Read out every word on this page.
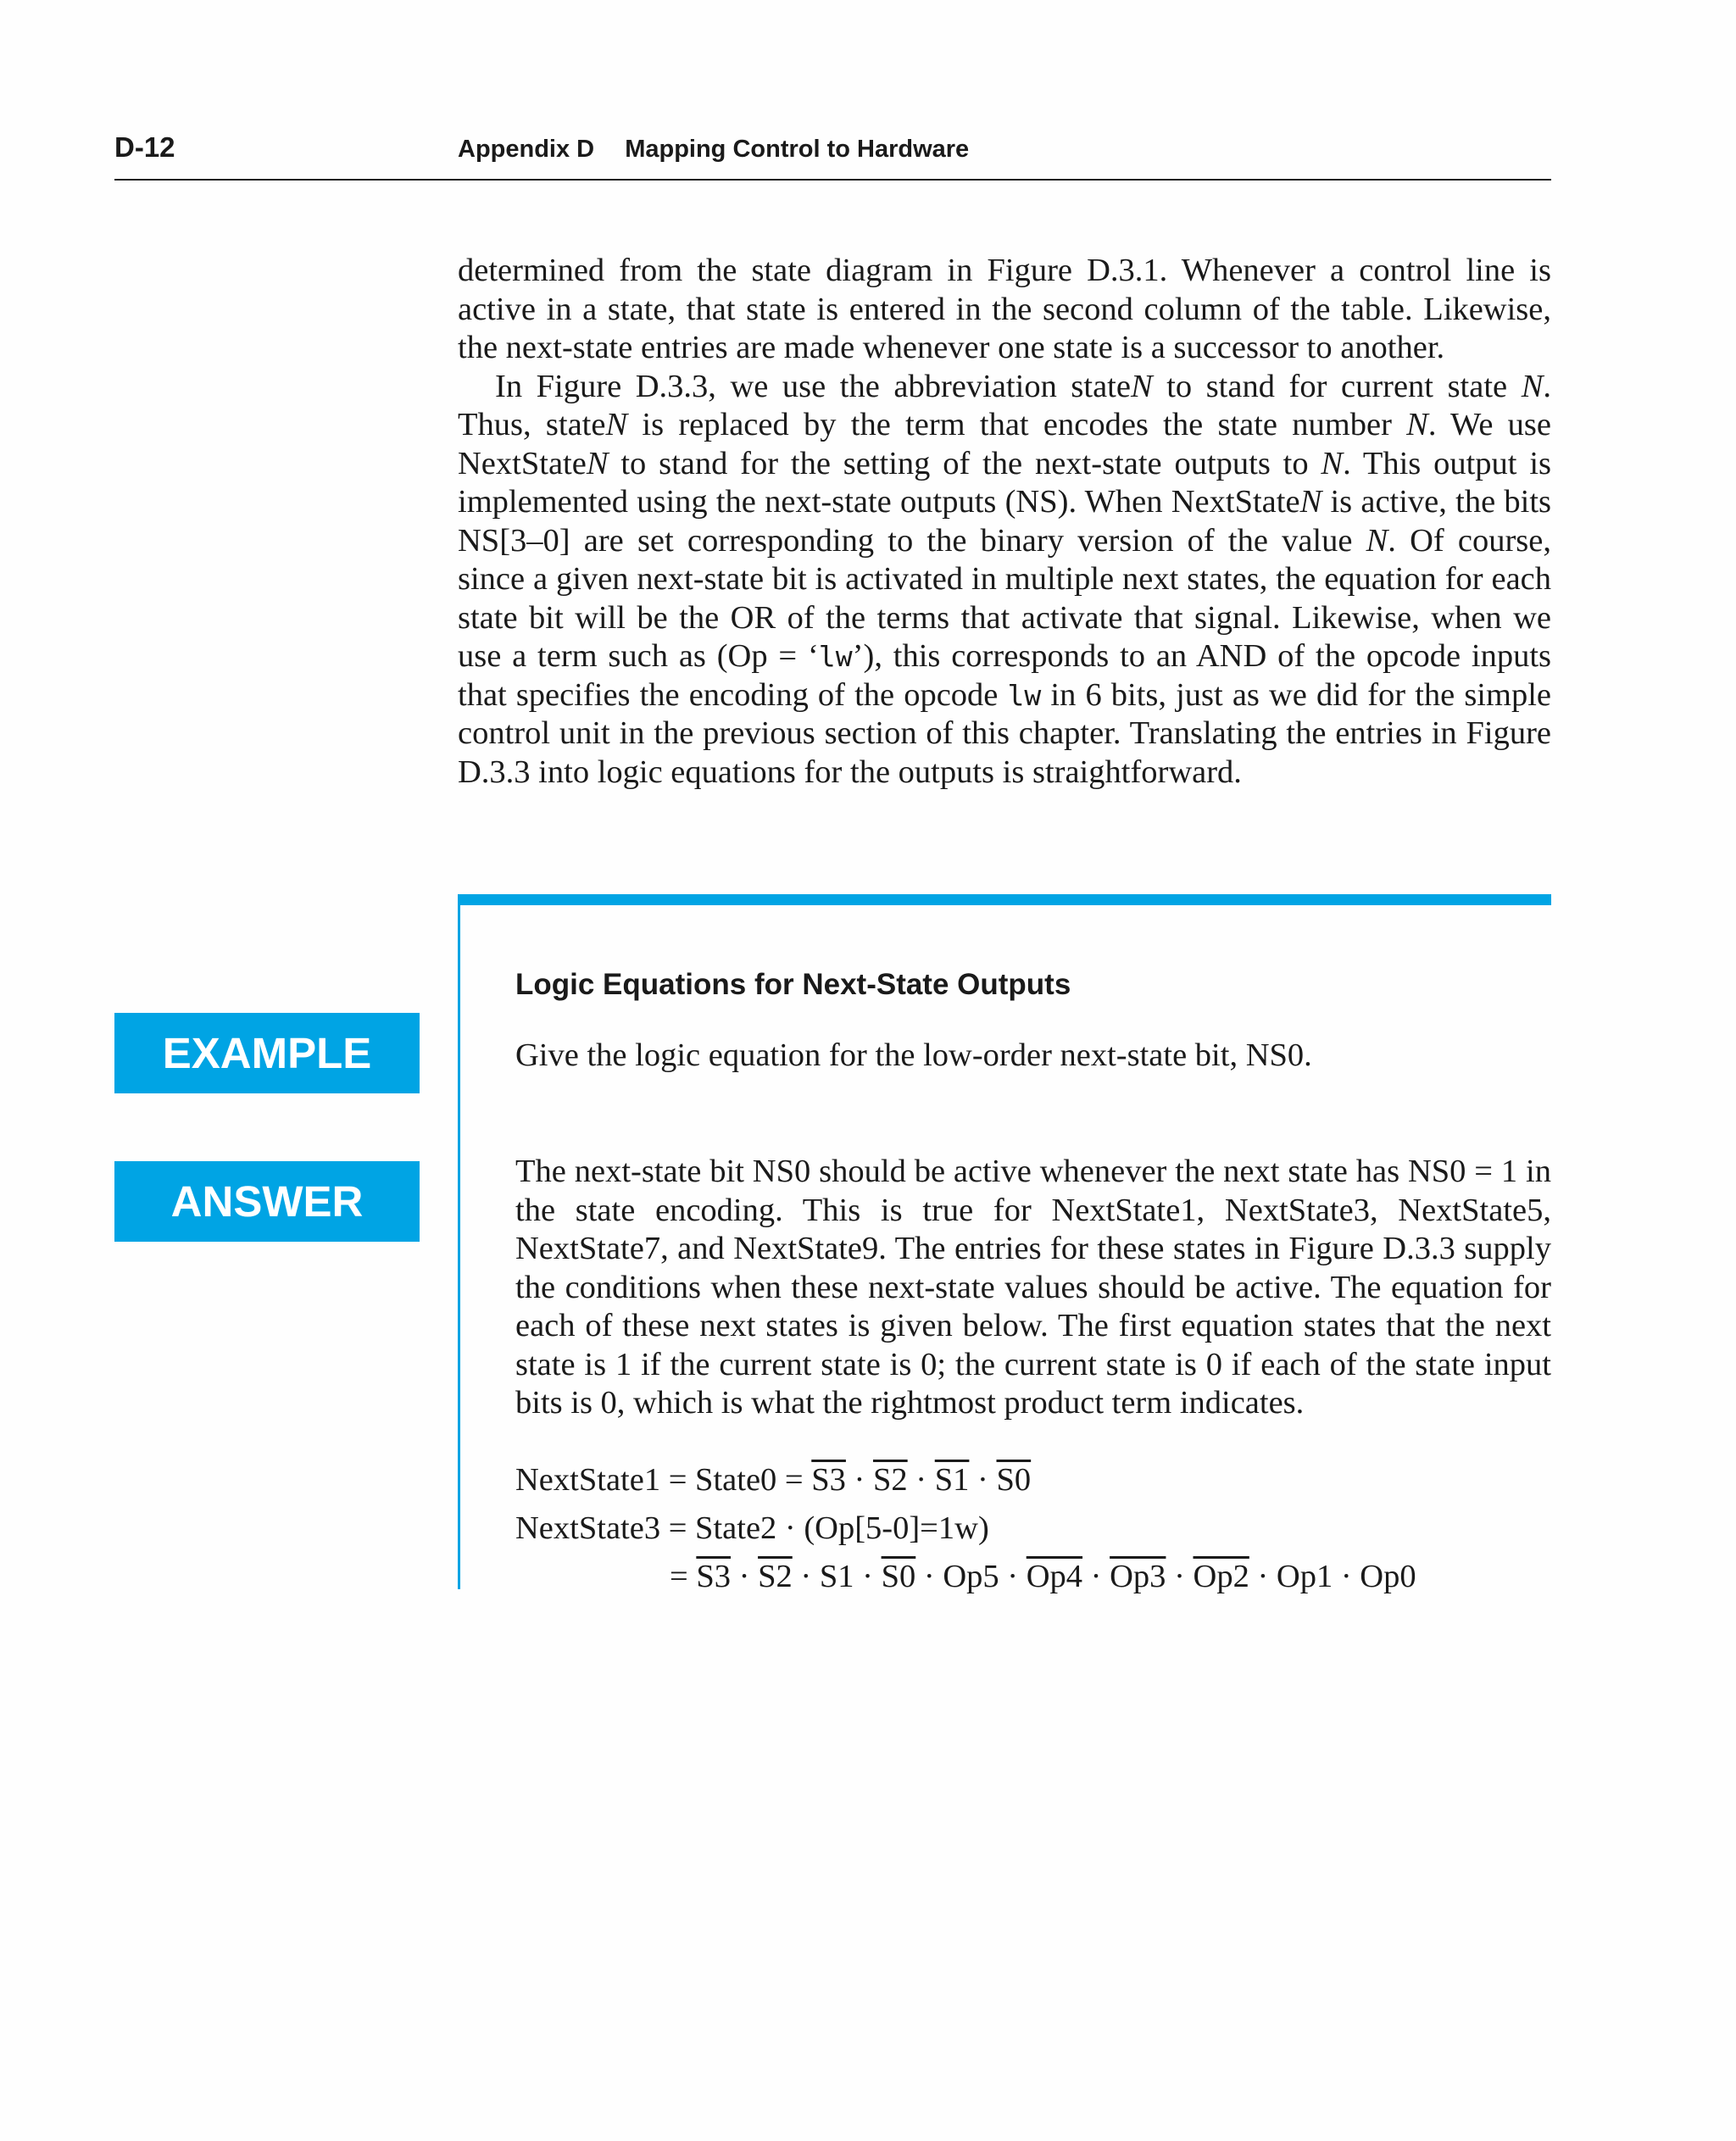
D-12	Appendix D Mapping Control to Hardware

determined from the state diagram in Figure D.3.1. Whenever a control line is active in a state, that state is entered in the second column of the table. Likewise, the next-state entries are made whenever one state is a successor to another.

In Figure D.3.3, we use the abbreviation stateN to stand for current state N. Thus, stateN is replaced by the term that encodes the state number N. We use NextStateN to stand for the setting of the next-state outputs to N. This output is implemented using the next-state outputs (NS). When NextStateN is active, the bits NS[3–0] are set corresponding to the binary version of the value N. Of course, since a given next-state bit is activated in multiple next states, the equation for each state bit will be the OR of the terms that activate that signal. Likewise, when we use a term such as (Op = ‘lw’), this corresponds to an AND of the opcode inputs that specifies the encoding of the opcode lw in 6 bits, just as we did for the simple control unit in the previous section of this chapter. Translating the entries in Figure D.3.3 into logic equations for the outputs is straightforward.

Logic Equations for Next-State Outputs
EXAMPLE	Give the logic equation for the low-order next-state bit, NS0.
ANSWER

The next-state bit NS0 should be active whenever the next state has NS0 = 1 in the state encoding. This is true for NextState1, NextState3, NextState5, NextState7, and NextState9. The entries for these states in Figure D.3.3 supply the conditions when these next-state values should be active. The equation for each of these next states is given below. The first equation states that the next state is 1 if the current state is 0; the current state is 0 if each of the state input bits is 0, which is what the rightmost product term indicates.

NextState1 = State0 = S3 · S2 · S1 · S0
NextState3 = State2 · (Op[5-0]=1w)
= S3 · S2 · S1 · S0 · Op5 · Op4 · Op3 · Op2 · Op1 · Op0
